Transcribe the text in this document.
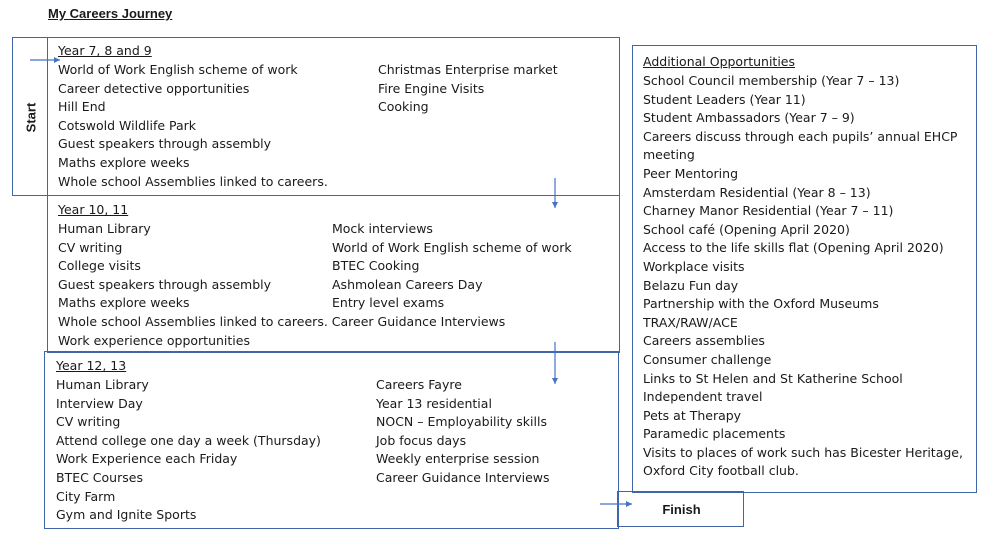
My Careers Journey
Start
Year 7, 8 and 9
World of Work English scheme of work
Career detective opportunities
Hill End
Cotswold Wildlife Park
Guest speakers through assembly
Maths explore weeks
Whole school Assemblies linked to careers.
Christmas Enterprise market
Fire Engine Visits
Cooking
Year 10, 11
Human Library
CV writing
College visits
Guest speakers through assembly
Maths explore weeks
Whole school Assemblies linked to careers. Career Guidance Interviews
Work experience opportunities
Mock interviews
World of Work English scheme of work
BTEC Cooking
Ashmolean Careers Day
Entry level exams
Year 12, 13
Human Library
Interview Day
CV writing
Attend college one day a week (Thursday)
Work Experience each Friday
BTEC Courses
City Farm
Gym and Ignite Sports
Careers Fayre
Year 13 residential
NOCN – Employability skills
Job focus days
Weekly enterprise session
Career Guidance Interviews
Additional Opportunities
School Council membership (Year 7 – 13)
Student Leaders (Year 11)
Student Ambassadors (Year 7 – 9)
Careers discuss through each pupils’ annual EHCP
meeting
Peer Mentoring
Amsterdam Residential (Year 8 – 13)
Charney Manor Residential (Year 7 – 11)
School café (Opening April 2020)
Access to the life skills flat (Opening April 2020)
Workplace visits
Belazu Fun day
Partnership with the Oxford Museums
TRAX/RAW/ACE
Careers assemblies
Consumer challenge
Links to St Helen and St Katherine School
Independent travel
Pets at Therapy
Paramedic placements
Visits to places of work such has Bicester Heritage,
Oxford City football club.
Finish
